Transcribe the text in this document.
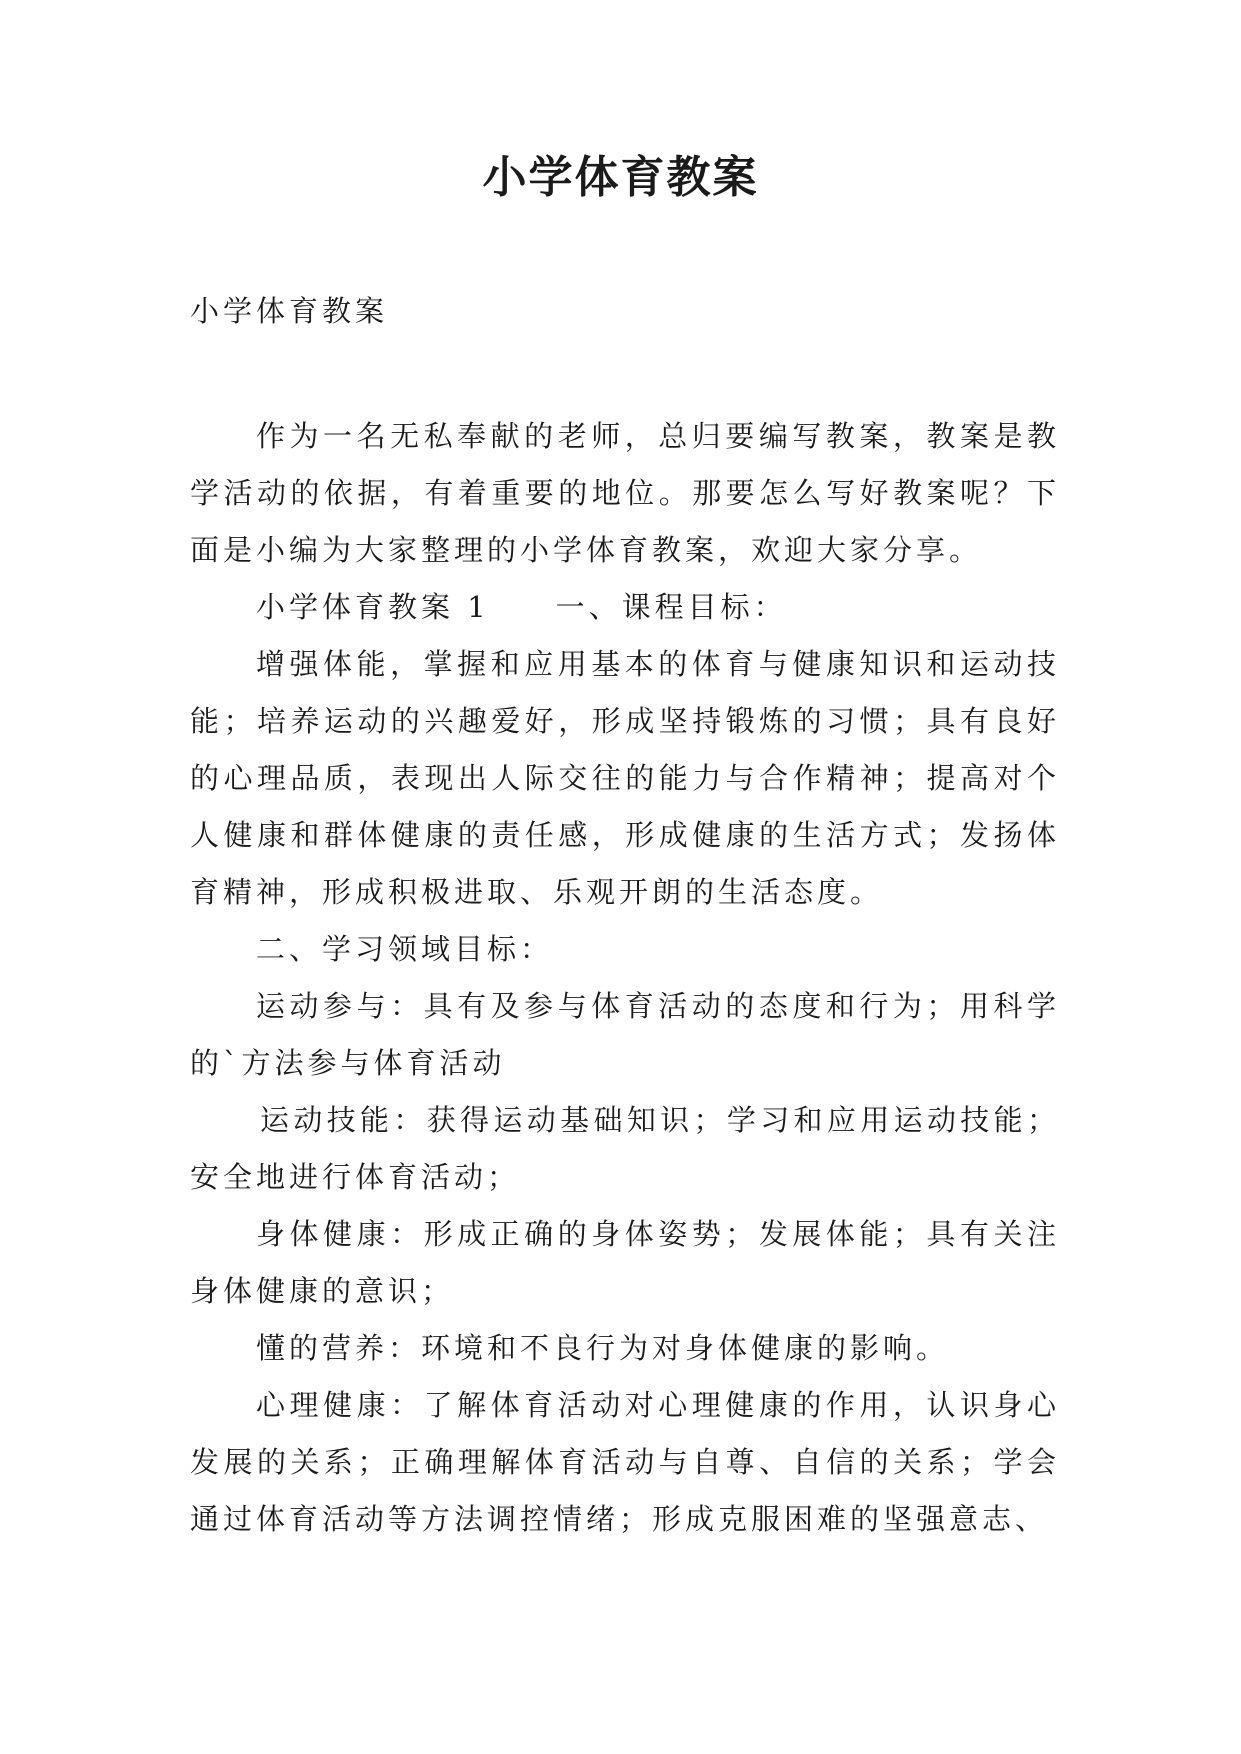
小学体育教案
小学体育教案

作为一名无私奉献的老师，总归要编写教案，教案是教学活动的依据，有着重要的地位。那要怎么写好教案呢？下面是小编为大家整理的小学体育教案，欢迎大家分享。

小学体育教案 1　　一、课程目标：

增强体能，掌握和应用基本的体育与健康知识和运动技能；培养运动的兴趣爱好，形成坚持锻炼的习惯；具有良好的心理品质，表现出人际交往的能力与合作精神；提高对个人健康和群体健康的责任感，形成健康的生活方式；发扬体育精神，形成积极进取、乐观开朗的生活态度。

二、学习领域目标：

运动参与：具有及参与体育活动的态度和行为；用科学的`方法参与体育活动

运动技能：获得运动基础知识；学习和应用运动技能；安全地进行体育活动；

身体健康：形成正确的身体姿势；发展体能；具有关注身体健康的意识；

懂的营养：环境和不良行为对身体健康的影响。

心理健康：了解体育活动对心理健康的作用，认识身心发展的关系；正确理解体育活动与自尊、自信的关系；学会通过体育活动等方法调控情绪；形成克服困难的坚强意志、
